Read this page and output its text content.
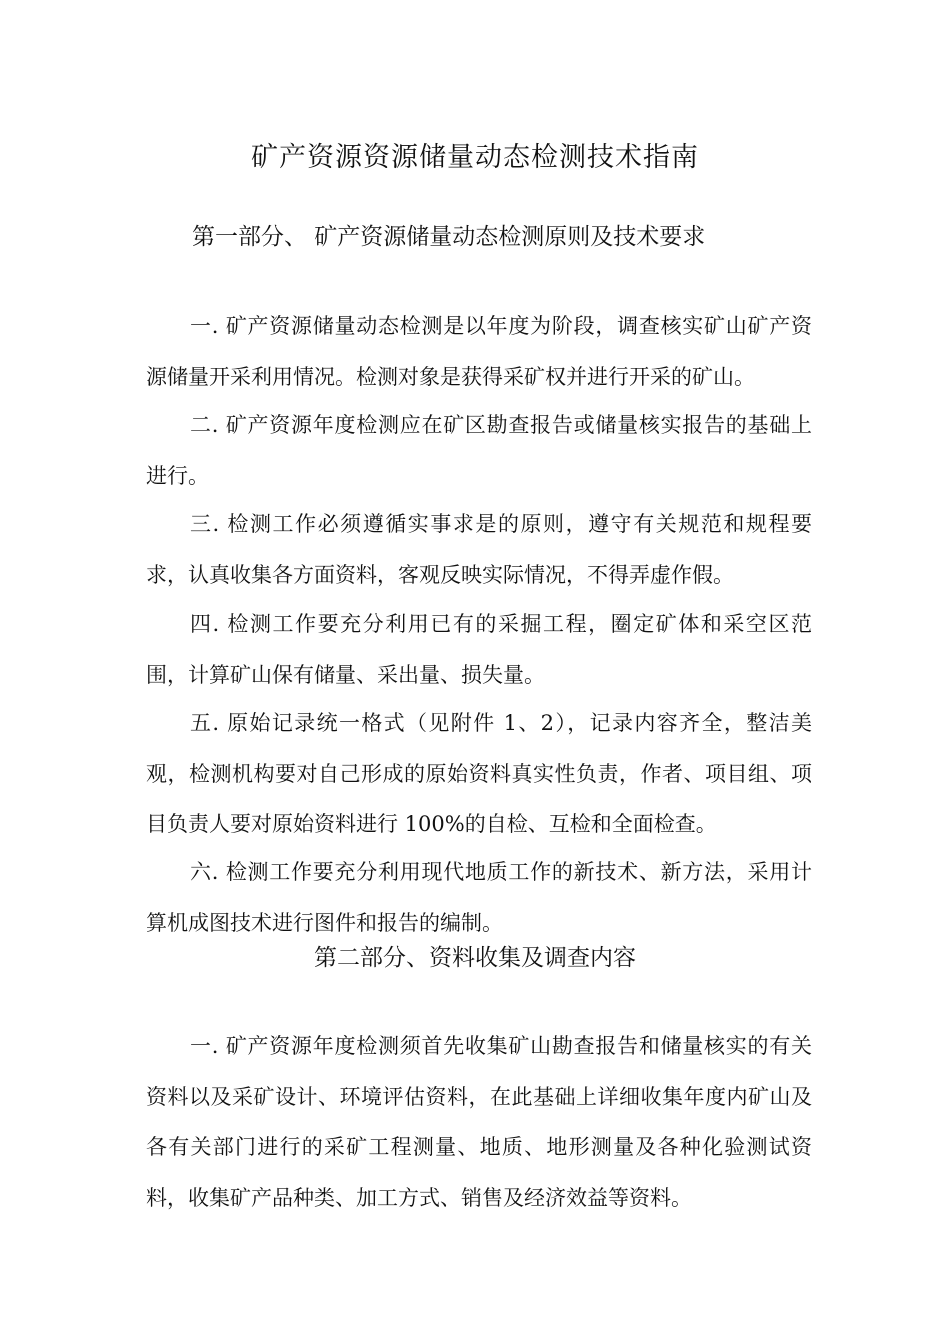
矿产资源资源储量动态检测技术指南
第一部分、 矿产资源储量动态检测原则及技术要求

一. 矿产资源储量动态检测是以年度为阶段，调查核实矿山矿产资源储量开采利用情况。检测对象是获得采矿权并进行开采的矿山。

二. 矿产资源年度检测应在矿区勘查报告或储量核实报告的基础上进行。

三. 检测工作必须遵循实事求是的原则，遵守有关规范和规程要求，认真收集各方面资料，客观反映实际情况，不得弄虚作假。

四. 检测工作要充分利用已有的采掘工程，圈定矿体和采空区范围，计算矿山保有储量、采出量、损失量。

五. 原始记录统一格式（见附件 1、2），记录内容齐全，整洁美观，检测机构要对自己形成的原始资料真实性负责，作者、项目组、项目负责人要对原始资料进行 100%的自检、互检和全面检查。

六. 检测工作要充分利用现代地质工作的新技术、新方法，采用计算机成图技术进行图件和报告的编制。

第二部分、资料收集及调查内容

一. 矿产资源年度检测须首先收集矿山勘查报告和储量核实的有关资料以及采矿设计、环境评估资料，在此基础上详细收集年度内矿山及各有关部门进行的采矿工程测量、地质、地形测量及各种化验测试资料，收集矿产品种类、加工方式、销售及经济效益等资料。
